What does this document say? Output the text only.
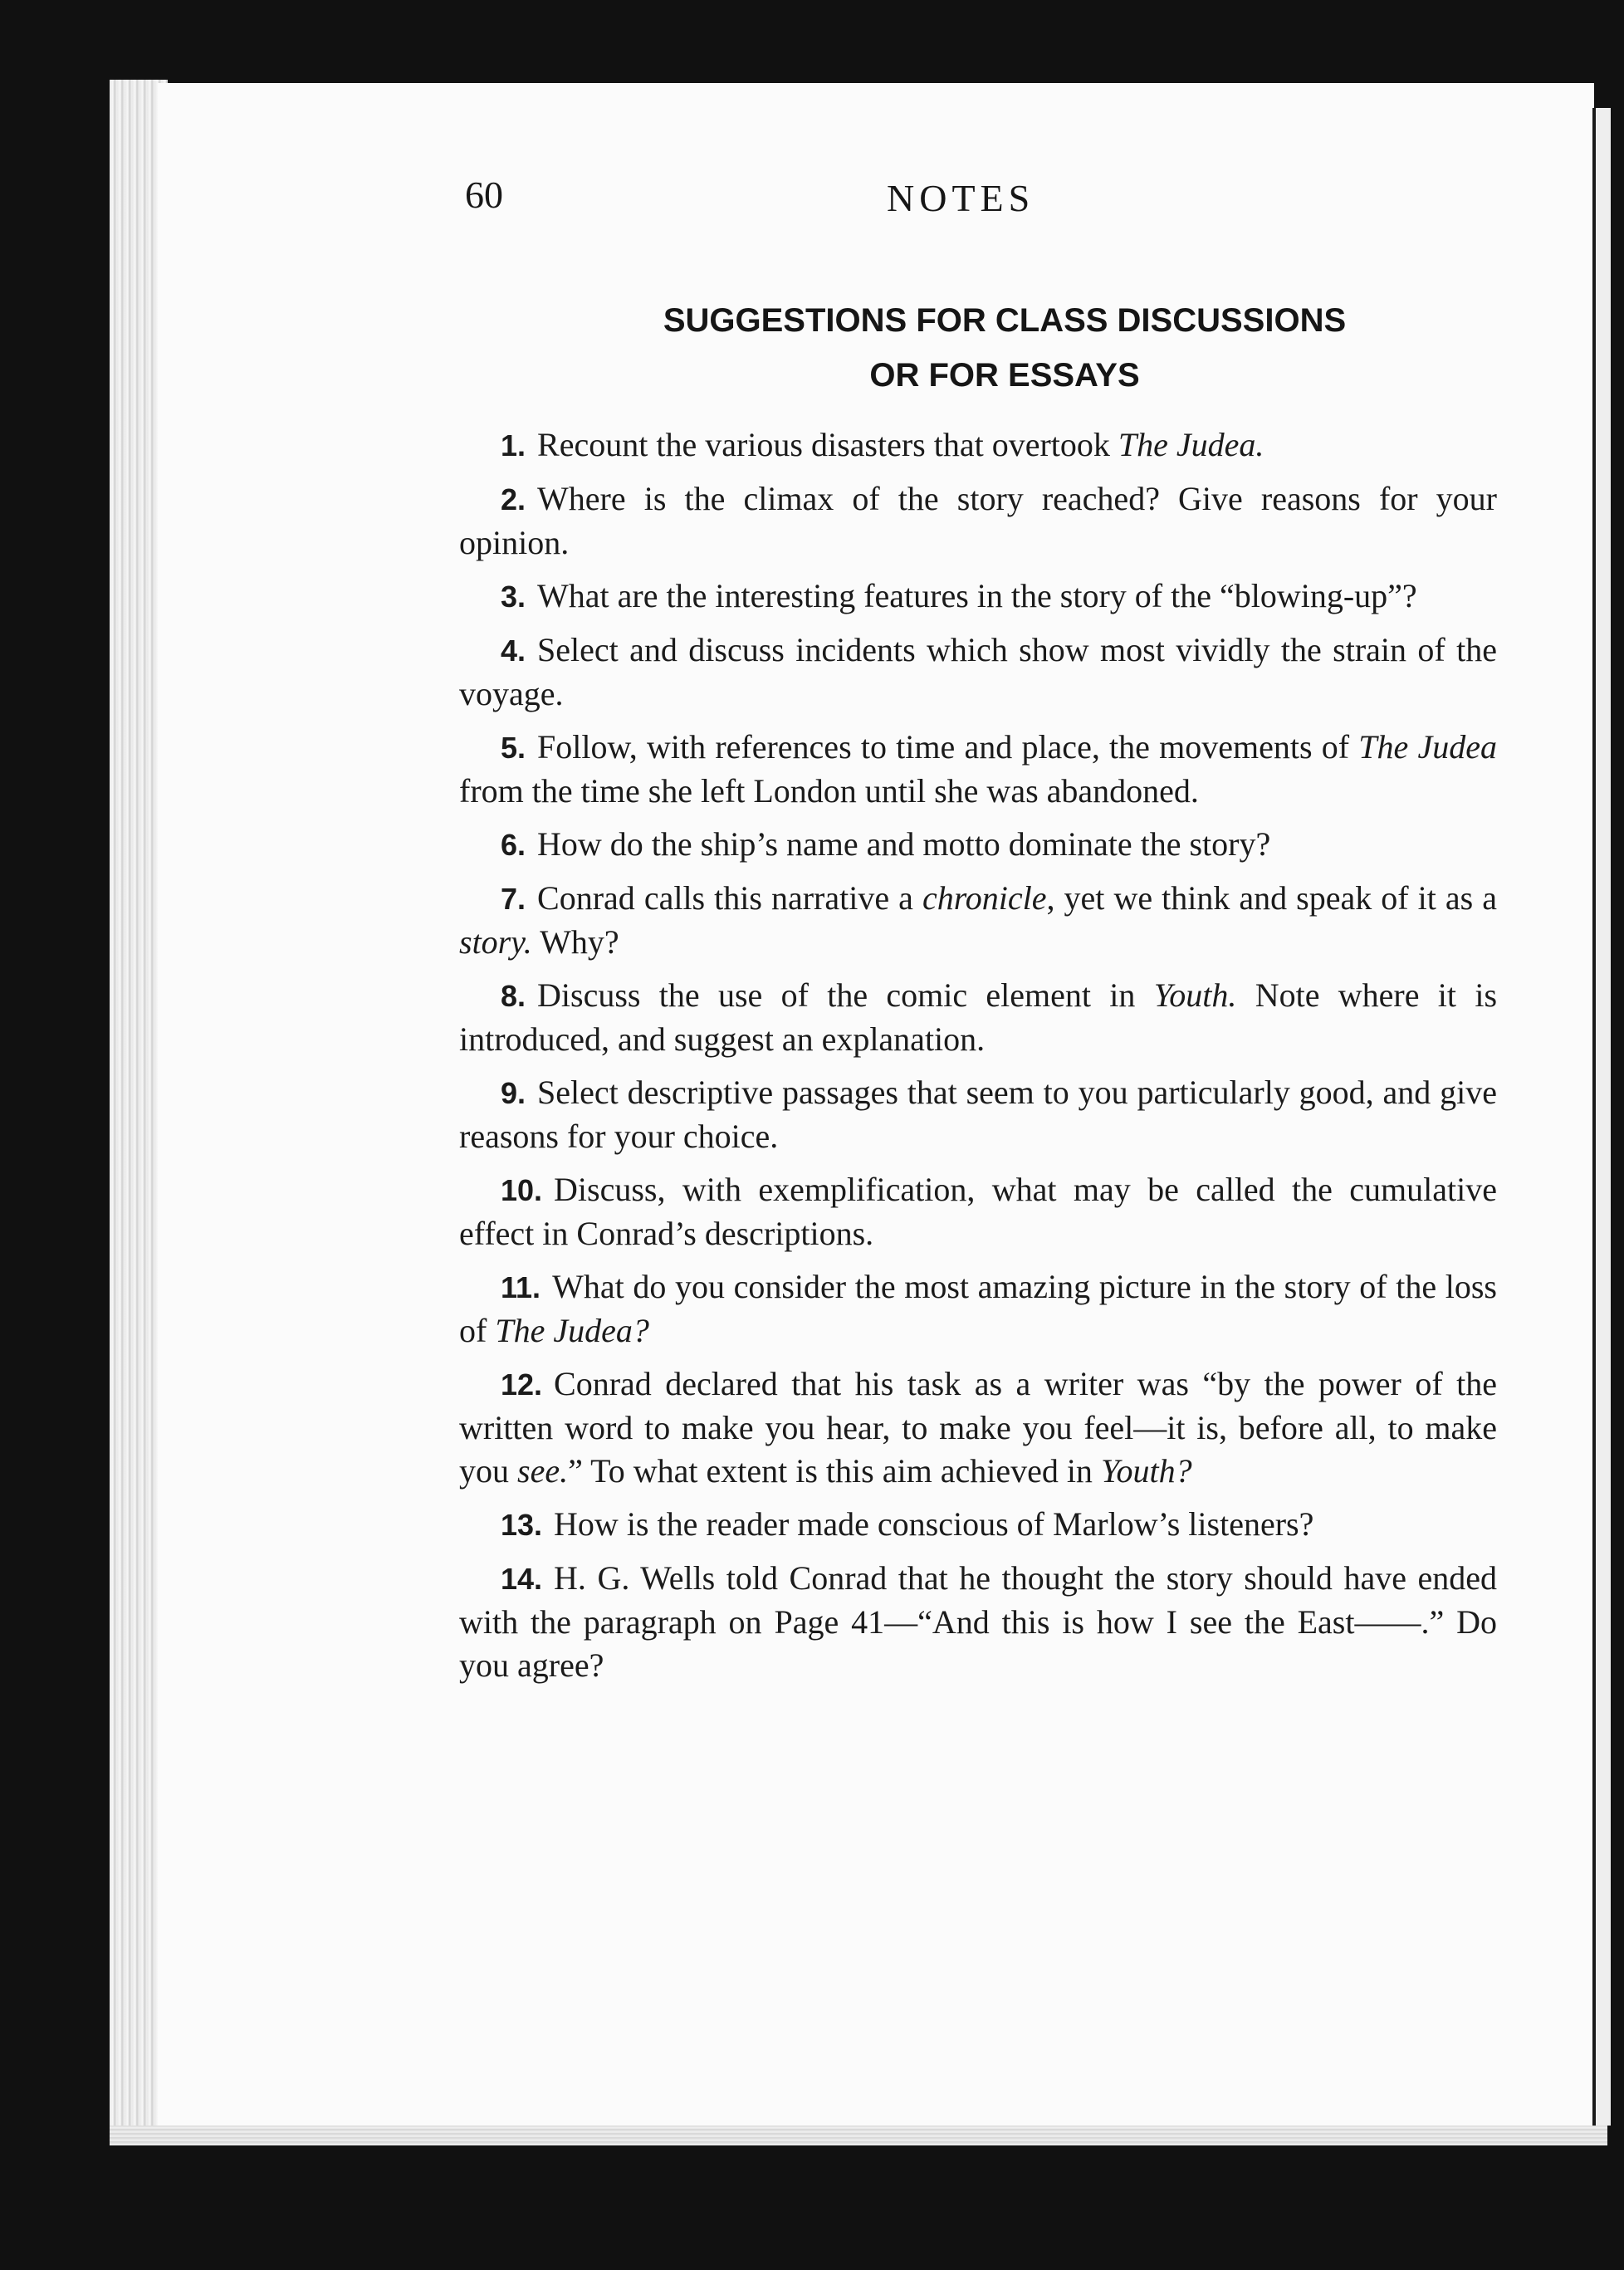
60	NOTES
SUGGESTIONS FOR CLASS DISCUSSIONS
OR FOR ESSAYS

1. Recount the various disasters that overtook The Judea.

2. Where is the climax of the story reached? Give reasons for your opinion.

3. What are the interesting features in the story of the “blowing-up”?

4. Select and discuss incidents which show most vividly the strain of the voyage.

5. Follow, with references to time and place, the movements of The Judea from the time she left London until she was abandoned.

6. How do the ship’s name and motto dominate the story?

7. Conrad calls this narrative a chronicle, yet we think and speak of it as a story. Why?

8. Discuss the use of the comic element in Youth. Note where it is introduced, and suggest an explanation.

9. Select descriptive passages that seem to you particularly good, and give reasons for your choice.

10. Discuss, with exemplification, what may be called the cumulative effect in Conrad’s descriptions.

11. What do you consider the most amazing picture in the story of the loss of The Judea?

12. Conrad declared that his task as a writer was “by the power of the written word to make you hear, to make you feel—it is, before all, to make you see.” To what extent is this aim achieved in Youth?

13. How is the reader made conscious of Marlow’s listeners?

14. H. G. Wells told Conrad that he thought the story should have ended with the paragraph on Page 41—“And this is how I see the East——.” Do you agree?
